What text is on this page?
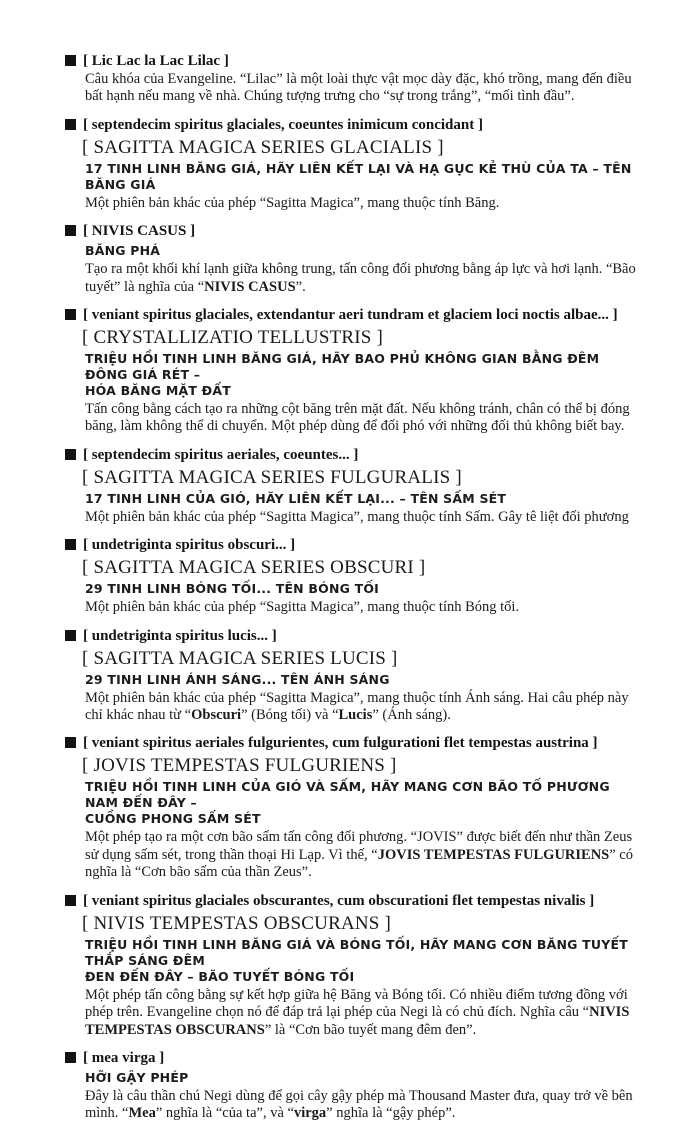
[ Lic Lac la Lac Lilac ]
Câu khóa của Evangeline. “Lilac” là một loài thực vật mọc dày đặc, khó trồng, mang đến điều bất hạnh nếu mang về nhà. Chúng tượng trưng cho “sự trong trắng”, “mối tình đầu”.
[ septendecim spiritus glaciales, coeuntes inimicum concidant ]
[ SAGITTA MAGICA SERIES GLACIALIS ]
17 TINH LINH BĂNG GIÁ, HÃY LIÊN KẾT LẠI VÀ HẠ GỤC KẺ THÙ CỦA TA – TÊN BĂNG GIÁ
Một phiên bản khác của phép “Sagitta Magica”, mang thuộc tính Băng.
[ NIVIS CASUS ]
BĂNG PHÁ
Tạo ra một khối khí lạnh giữa không trung, tấn công đối phương bằng áp lực và hơi lạnh. “Bão tuyết” là nghĩa của “NIVIS CASUS”.
[ veniant spiritus glaciales, extendantur aeri tundram et glaciem loci noctis albae... ]
[ CRYSTALLIZATIO TELLUSTRIS ]
TRIỆU HỒI TINH LINH BĂNG GIÁ, HÃY BAO PHỦ KHÔNG GIAN BẰNG ĐÊM ĐÔNG GIÁ RÉT –
HÓA BĂNG MẶT ĐẤT
Tấn công bằng cách tạo ra những cột băng trên mặt đất. Nếu không tránh, chân có thể bị đóng băng, làm không thể di chuyển. Một phép dùng để đối phó với những đối thủ không biết bay.
[ septendecim spiritus aeriales, coeuntes... ]
[ SAGITTA MAGICA SERIES FULGURALIS ]
17 TINH LINH CỦA GIÓ, HÃY LIÊN KẾT LẠI... – TÊN SẤM SÉT
Một phiên bản khác của phép “Sagitta Magica”, mang thuộc tính Sấm. Gây tê liệt đối phương
[ undetriginta spiritus obscuri... ]
[ SAGITTA MAGICA SERIES OBSCURI ]
29 TINH LINH BÓNG TỐI... TÊN BÓNG TỐI
Một phiên bản khác của phép “Sagitta Magica”, mang thuộc tính Bóng tối.
[ undetriginta spiritus lucis... ]
[ SAGITTA MAGICA SERIES LUCIS ]
29 TINH LINH ÁNH SÁNG... TÊN ÁNH SÁNG
Một phiên bản khác của phép “Sagitta Magica”, mang thuộc tính Ánh sáng. Hai câu phép này chỉ khác nhau từ “Obscuri” (Bóng tối) và “Lucis” (Ánh sáng).
[ veniant spiritus aeriales fulgurientes, cum fulgurationi flet tempestas austrina ]
[ JOVIS TEMPESTAS FULGURIENS ]
TRIỆU HỒI TINH LINH CỦA GIÓ VÀ SẤM, HÃY MANG CƠN BÃO TỐ PHƯƠNG NAM ĐẾN ĐÂY –
CUỒNG PHONG SẤM SÉT
Một phép tạo ra một cơn bão sấm tấn công đối phương. “JOVIS” được biết đến như thần Zeus sử dụng sấm sét, trong thần thoại Hi Lạp. Vì thế, “JOVIS TEMPESTAS FULGURIENS” có nghĩa là “Cơn bão sấm của thần Zeus”.
[ veniant spiritus glaciales obscurantes, cum obscurationi flet tempestas nivalis ]
[ NIVIS TEMPESTAS OBSCURANS ]
TRIỆU HỒI TINH LINH BĂNG GIÁ VÀ BÓNG TỐI, HÃY MANG CƠN BĂNG TUYẾT THẮP SÁNG ĐÊM
ĐEN ĐẾN ĐÂY – BÃO TUYẾT BÓNG TỐI
Một phép tấn công bằng sự kết hợp giữa hệ Băng và Bóng tối. Có nhiều điểm tương đồng với phép trên. Evangeline chọn nó để đáp trả lại phép của Negi là có chủ đích. Nghĩa câu “NIVIS TEMPESTAS OBSCURANS” là “Cơn bão tuyết mang đêm đen”.
[ mea virga ]
HỠI GẬY PHÉP
Đây là câu thần chú Negi dùng để gọi cây gậy phép mà Thousand Master đưa, quay trở về bên mình. “Mea” nghĩa là “của ta”, và “virga” nghĩa là “gậy phép”.
